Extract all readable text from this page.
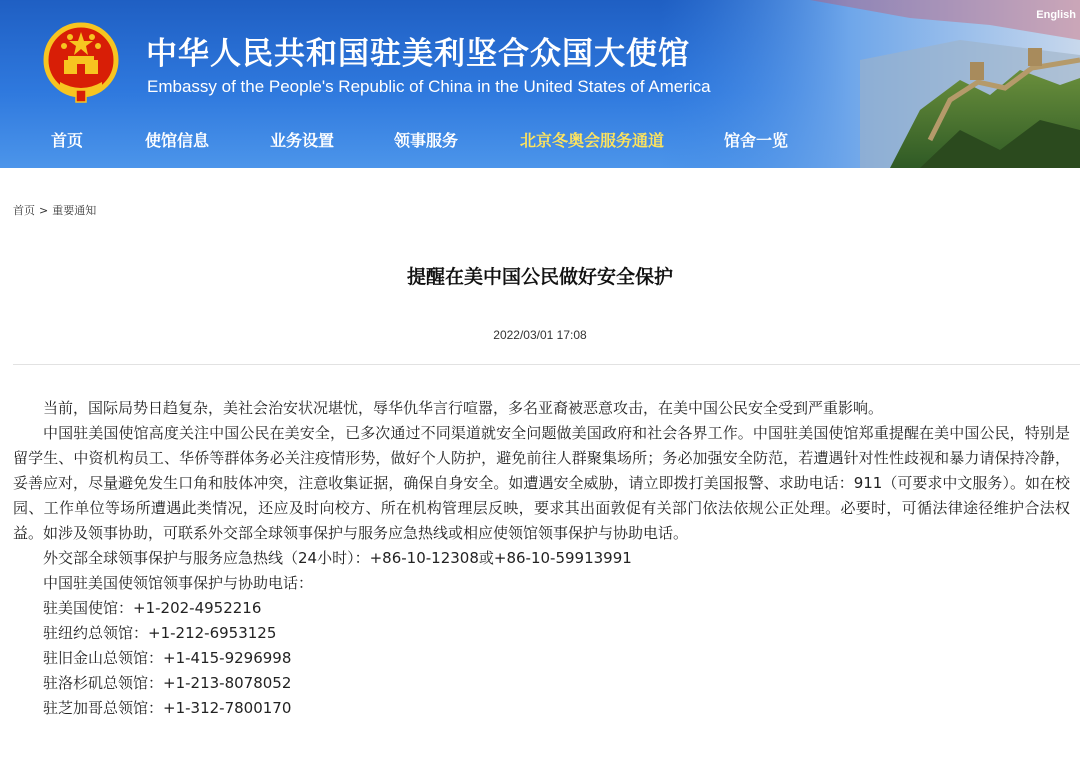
English
中华人民共和国驻美利坚合众国大使馆
Embassy of the People's Republic of China in the United States of America
首页	使馆信息	业务设置	领事服务	北京冬奥会服务通道	馆舍一览
首页 > 重要通知
提醒在美中国公民做好安全保护
2022/03/01 17:08

当前，国际局势日趋复杂，美社会治安状况堪忧，辱华仇华言行喧嚣，多名亚裔被恶意攻击，在美中国公民安全受到严重影响。

中国驻美国使馆高度关注中国公民在美安全，已多次通过不同渠道就安全问题做美国政府和社会各界工作。中国驻美国使馆郑重提醒在美中国公民，特别是留学生、中资机构员工、华侨等群体务必关注疫情形势，做好个人防护，避免前往人群聚集场所；务必加强安全防范，若遭遇针对性性歧视和暴力请保持冷静，妥善应对，尽量避免发生口角和肢体冲突，注意收集证据，确保自身安全。如遭遇安全威胁，请立即拨打美国报警、求助电话：911（可要求中文服务）。如在校园、工作单位等场所遭遇此类情况，还应及时向校方、所在机构管理层反映，要求其出面敦促有关部门依法依规公正处理。必要时，可循法律途径维护合法权益。如涉及领事协助，可联系外交部全球领事保护与服务应急热线或相应使领馆领事保护与协助电话。

外交部全球领事保护与服务应急热线（24小时）：+86-10-12308或+86-10-59913991

中国驻美国使领馆领事保护与协助电话：

驻美国使馆：+1-202-4952216

驻纽约总领馆：+1-212-6953125

驻旧金山总领馆：+1-415-9296998

驻洛杉矶总领馆：+1-213-8078052

驻芝加哥总领馆：+1-312-7800170
